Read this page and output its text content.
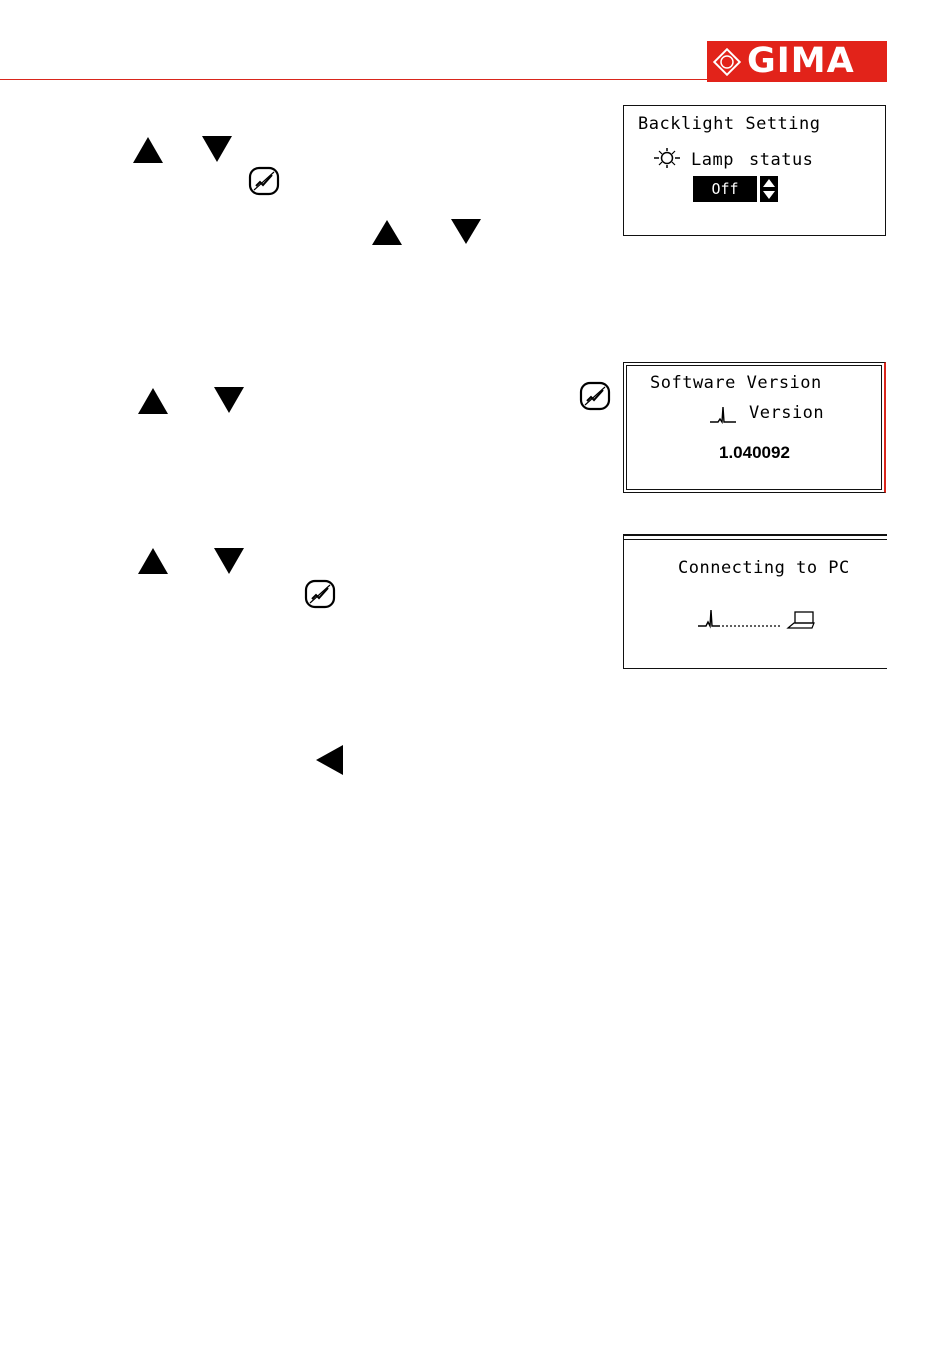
GIMA
Backlight Setting
Lamp status
Off
Software Version
Version
1.040092
Connecting to PC
